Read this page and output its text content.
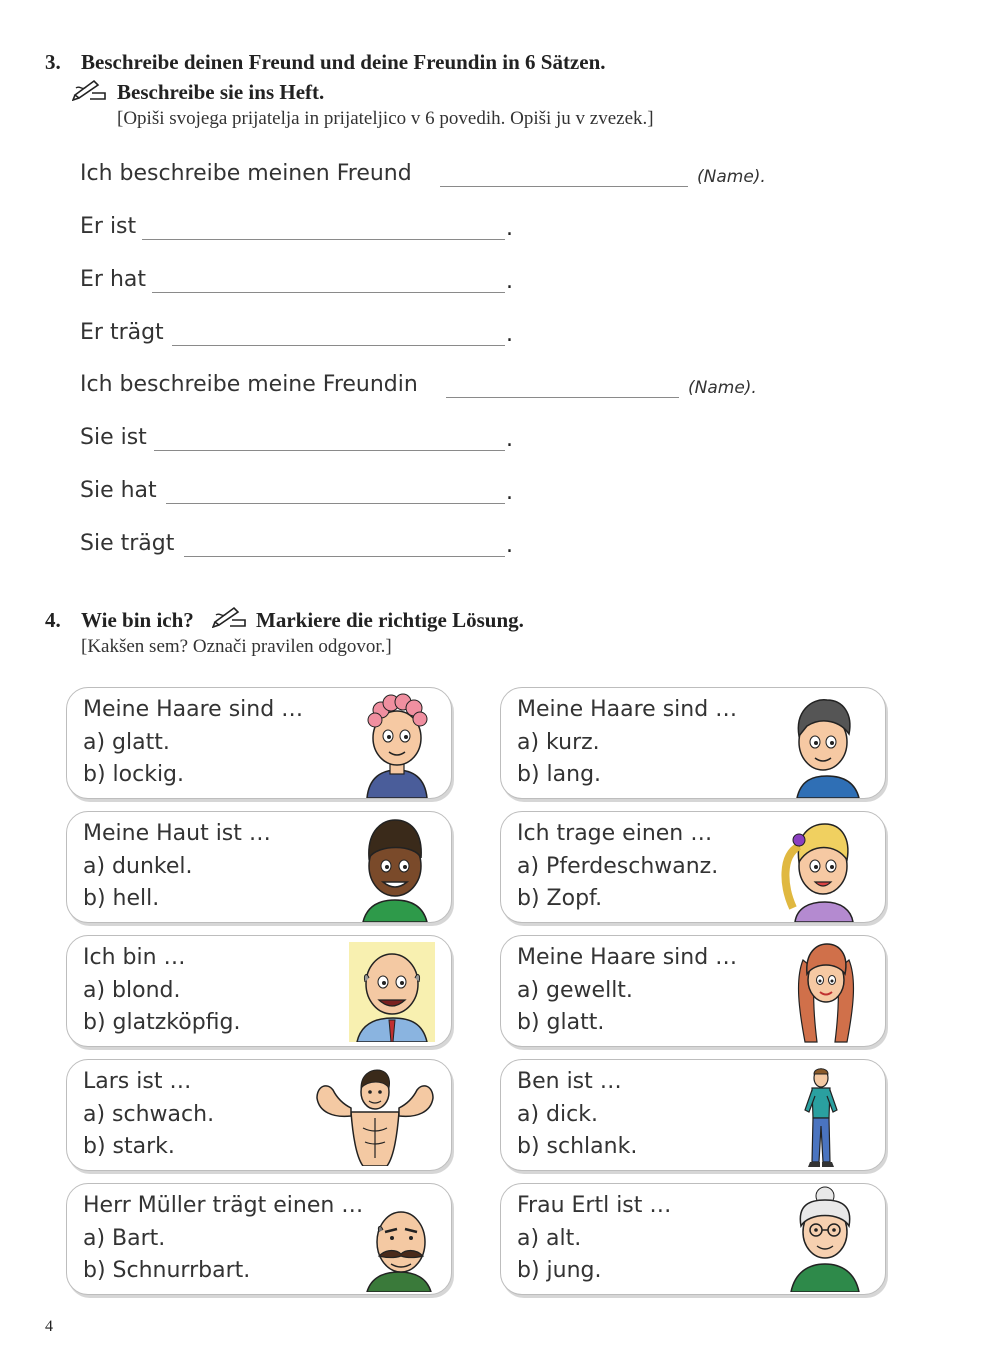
3. Beschreibe deinen Freund und deine Freundin in 6 Sätzen.
Beschreibe sie ins Heft.
[Opiši svojega prijatelja in prijateljico v 6 povedih. Opiši ju v zvezek.]
Ich beschreibe meinen Freund	(Name).
Er ist	.
Er hat	.
Er trägt	.
Ich beschreibe meine Freundin	(Name).
Sie ist	.
Sie hat	.
Sie trägt	.
4. Wie bin ich?	Markiere die richtige Lösung.
[Kakšen sem? Označi pravilen odgovor.]
Meine Haare sind …
a) glatt.
b) lockig.
Meine Haare sind …
a) kurz.
b) lang.
Meine Haut ist …
a) dunkel.
b) hell.
Ich trage einen …
a) Pferdeschwanz.
b) Zopf.
Ich bin …
a) blond.
b) glatzköpfig.
Meine Haare sind …
a) gewellt.
b) glatt.
Lars ist …
a) schwach.
b) stark.
Ben ist …
a) dick.
b) schlank.
Herr Müller trägt einen …
a) Bart.
b) Schnurrbart.
Frau Ertl ist …
a) alt.
b) jung.
4
